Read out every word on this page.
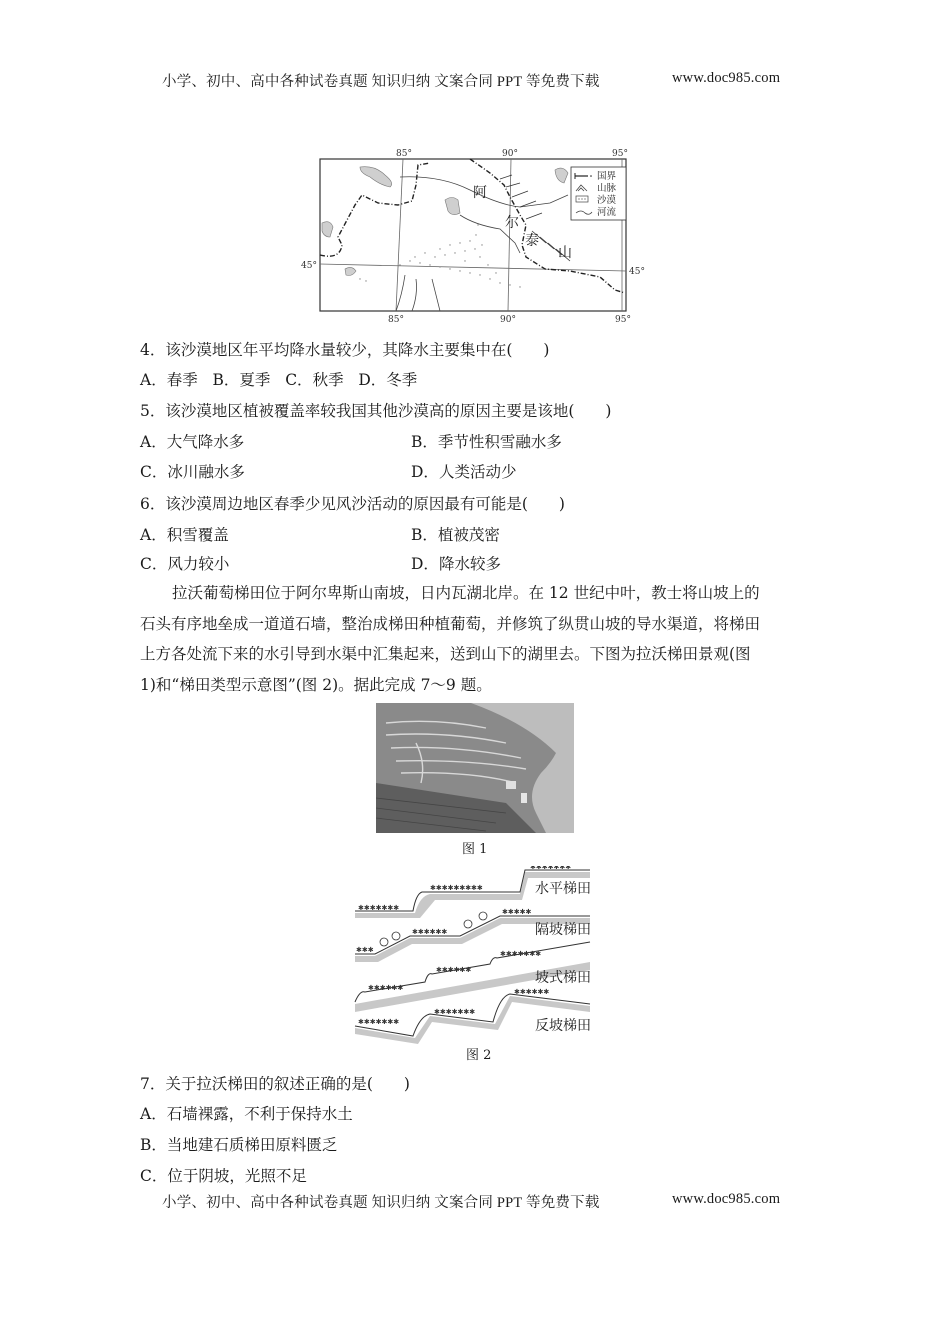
小学、初中、高中各种试卷真题 知识归纳 文案合同 PPT 等免费下载	www.doc985.com
阿
尔
泰
山
85°	90°	95°
85°	90°	95°
45°
45°
国界
山脉
沙漠
河流
4．该沙漠地区年平均降水量较少，其降水主要集中在(　　)
A．春季 B．夏季 C．秋季 D．冬季
5．该沙漠地区植被覆盖率较我国其他沙漠高的原因主要是该地(　　)
A．大气降水多	B．季节性积雪融水多
C．冰川融水多	D．人类活动少
6．该沙漠周边地区春季少见风沙活动的原因最有可能是(　　)
A．积雪覆盖	B．植被茂密
C．风力较小	D．降水较多
拉沃葡萄梯田位于阿尔卑斯山南坡，日内瓦湖北岸。在 12 世纪中叶，教士将山坡上的
石头有序地垒成一道道石墙，整治成梯田种植葡萄，并修筑了纵贯山坡的导水渠道，将梯田
上方各处流下来的水引导到水渠中汇集起来，送到山下的湖里去。下图为拉沃梯田景观(图
1)和“梯田类型示意图”(图 2)。据此完成 7～9 题。
图 1
✱✱✱✱✱✱✱
✱✱✱✱✱✱✱✱✱
✱✱✱✱✱✱✱
✱✱✱
✱✱✱✱✱✱
✱✱✱✱✱
✱✱✱✱✱✱
✱✱✱✱✱✱
✱✱✱✱✱✱✱
✱✱✱✱✱✱✱
✱✱✱✱✱✱✱
✱✱✱✱✱✱
水平梯田
隔坡梯田
坡式梯田
反坡梯田
图 2
7．关于拉沃梯田的叙述正确的是(　　)
A．石墙裸露，不利于保持水土
B．当地建石质梯田原料匮乏
C．位于阴坡，光照不足
小学、初中、高中各种试卷真题 知识归纳 文案合同 PPT 等免费下载	www.doc985.com
